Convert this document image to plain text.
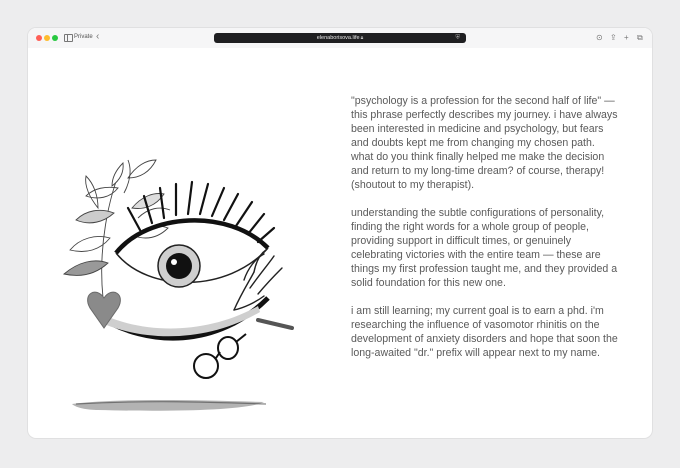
Private ‹	elenaborisova.life🔒︎	⛨	⊙ ⇪ + ⧉

"psychology is a profession for the second half of life" — this phrase perfectly describes my journey. i have always been interested in medicine and psychology, but fears and doubts kept me from changing my chosen path. what do you think finally helped me make the decision and return to my long-time dream? of course, therapy! (shoutout to my therapist).

understanding the subtle configurations of personality, finding the right words for a whole group of people, providing support in difficult times, or genuinely celebrating victories with the entire team — these are things my first profession taught me, and they provided a solid foundation for this new one.

i am still learning; my current goal is to earn a phd. i'm researching the influence of vasomotor rhinitis on the development of anxiety disorders and hope that soon the long-awaited "dr." prefix will appear next to my name.
